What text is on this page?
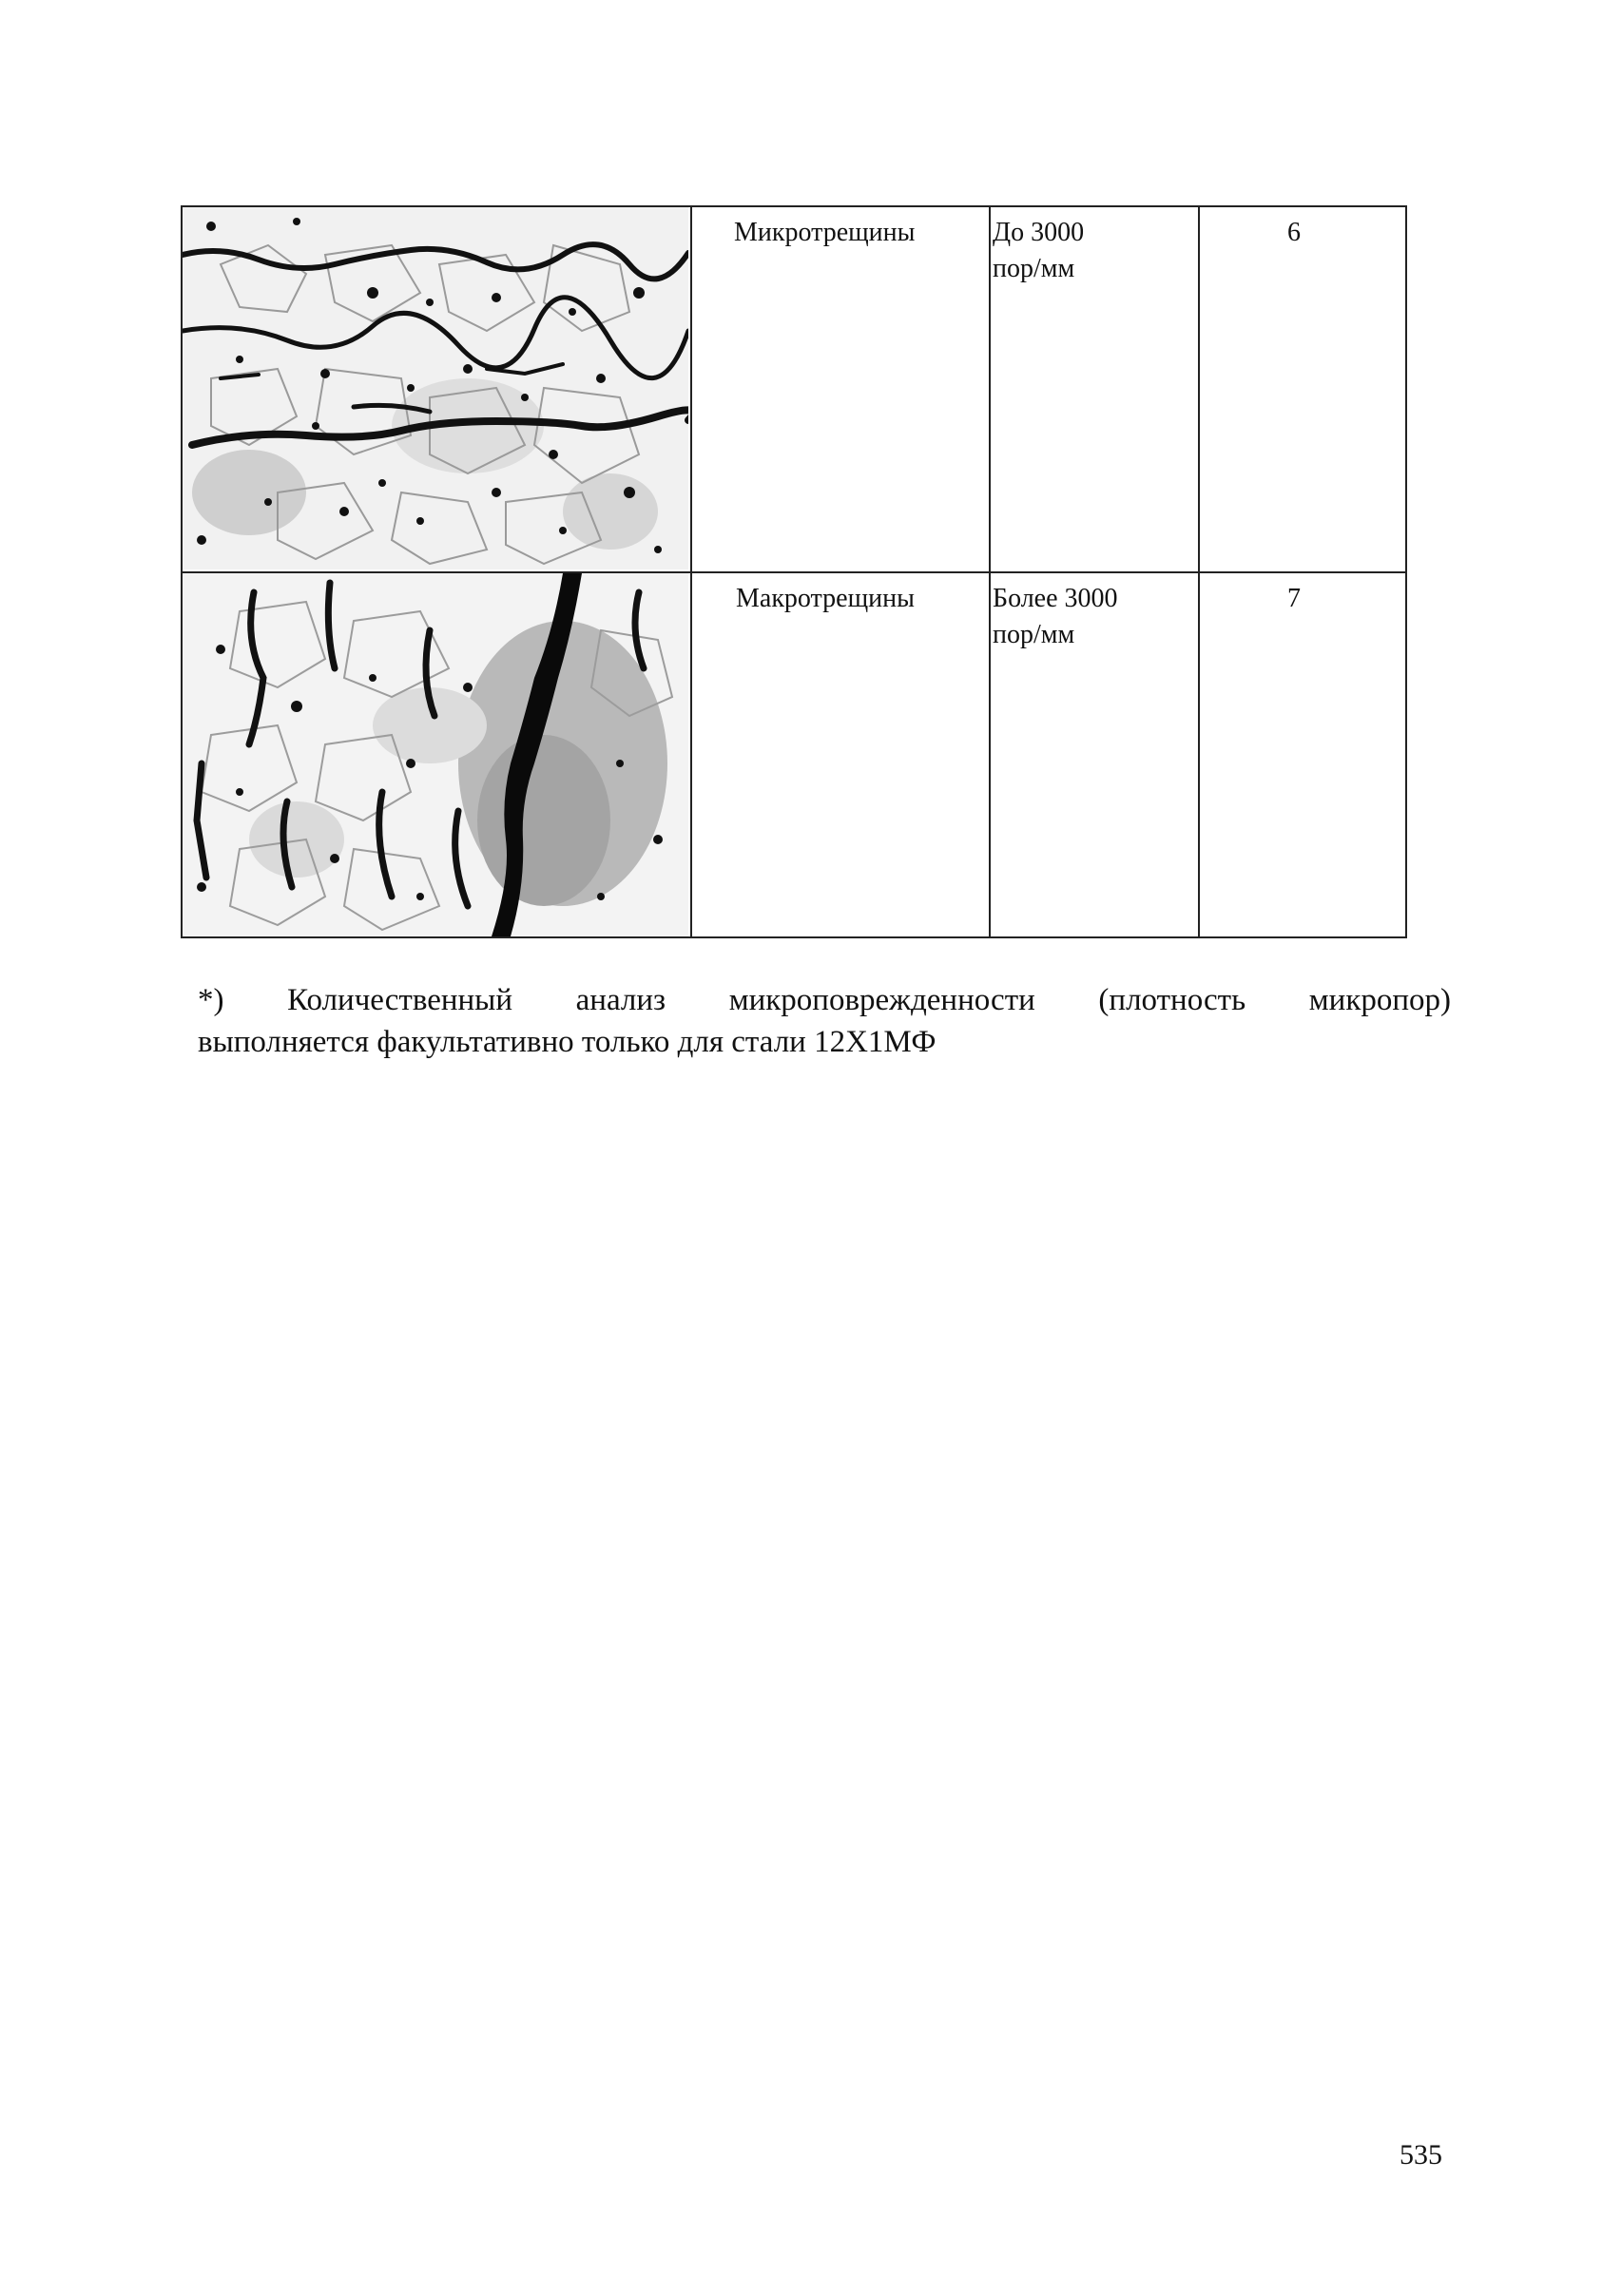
Микротрещины	До 3000
пор/мм
6
Макротрещины	Более 3000
пор/мм
7
*) Количественный анализ микроповрежденности (плотность микропор)
выполняется факультативно только для стали 12Х1МФ
535
